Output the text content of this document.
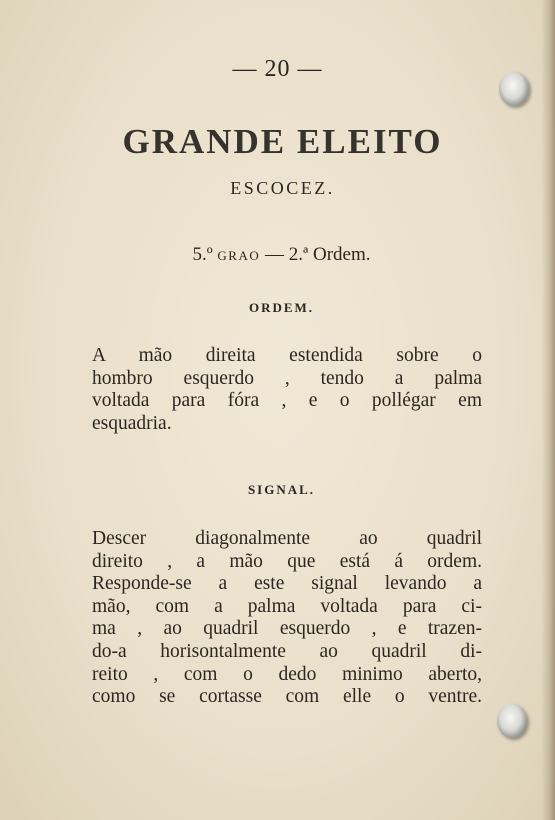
— 20 —
GRANDE ELEITO
ESCOCEZ.
5.º GRAO — 2.ª Ordem.
ORDEM.
A mão direita estendida sobre o
hombro esquerdo , tendo a palma
voltada para fóra , e o pollégar em
esquadria.
SIGNAL.
Descer diagonalmente ao quadril
direito , a mão que está á ordem.
Responde-se a este signal levando a
mão, com a palma voltada para ci-
ma , ao quadril esquerdo , e trazen-
do-a horisontalmente ao quadril di-
reito , com o dedo minimo aberto,
como se cortasse com elle o ventre.
